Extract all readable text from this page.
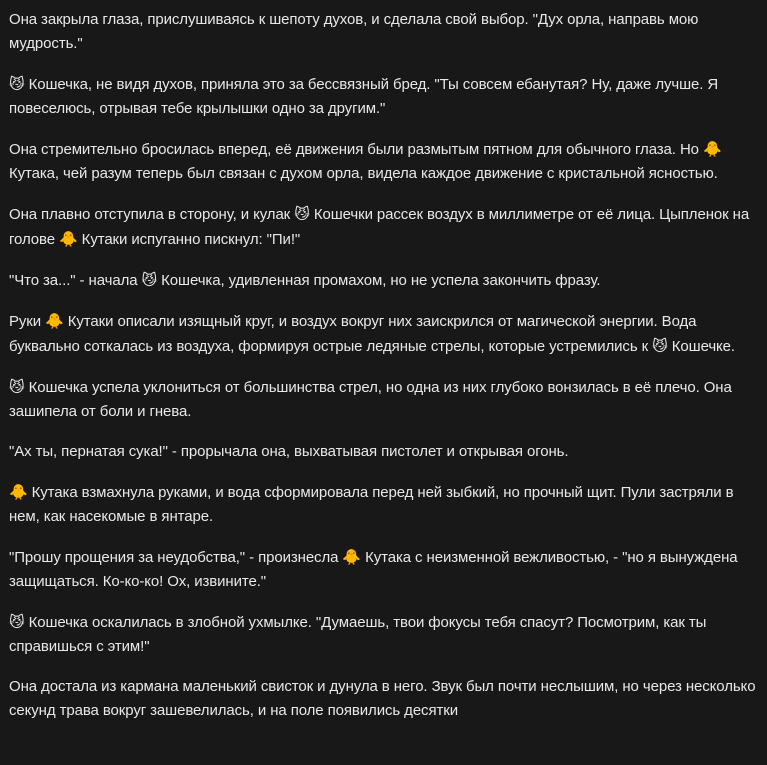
Она закрыла глаза, прислушиваясь к шепоту духов, и сделала свой выбор. "Дух орла, направь мою мудрость."

😼 Кошечка, не видя духов, приняла это за бессвязный бред. "Ты совсем ебанутая? Ну, даже лучше. Я повеселюсь, отрывая тебе крылышки одно за другим."

Она стремительно бросилась вперед, её движения были размытым пятном для обычного глаза. Но 🐥 Кутака, чей разум теперь был связан с духом орла, видела каждое движение с кристальной ясностью.

Она плавно отступила в сторону, и кулак 😼 Кошечки рассек воздух в миллиметре от её лица. Цыпленок на голове 🐥 Кутаки испуганно пискнул: "Пи!"

"Что за..." - начала 😼 Кошечка, удивленная промахом, но не успела закончить фразу.

Руки 🐥 Кутаки описали изящный круг, и воздух вокруг них заискрился от магической энергии. Вода буквально соткалась из воздуха, формируя острые ледяные стрелы, которые устремились к 😼 Кошечке.

😼 Кошечка успела уклониться от большинства стрел, но одна из них глубоко вонзилась в её плечо. Она зашипела от боли и гнева.

"Ах ты, пернатая сука!" - прорычала она, выхватывая пистолет и открывая огонь.

🐥 Кутака взмахнула руками, и вода сформировала перед ней зыбкий, но прочный щит. Пули застряли в нем, как насекомые в янтаре.

"Прошу прощения за неудобства," - произнесла 🐥 Кутака с неизменной вежливостью, - "но я вынуждена защищаться. Ко-ко-ко! Ох, извините."

😼 Кошечка оскалилась в злобной ухмылке. "Думаешь, твои фокусы тебя спасут? Посмотрим, как ты справишься с этим!"

Она достала из кармана маленький свисток и дунула в него. Звук был почти неслышим, но через несколько секунд трава вокруг зашевелилась, и на поле появились десятки
